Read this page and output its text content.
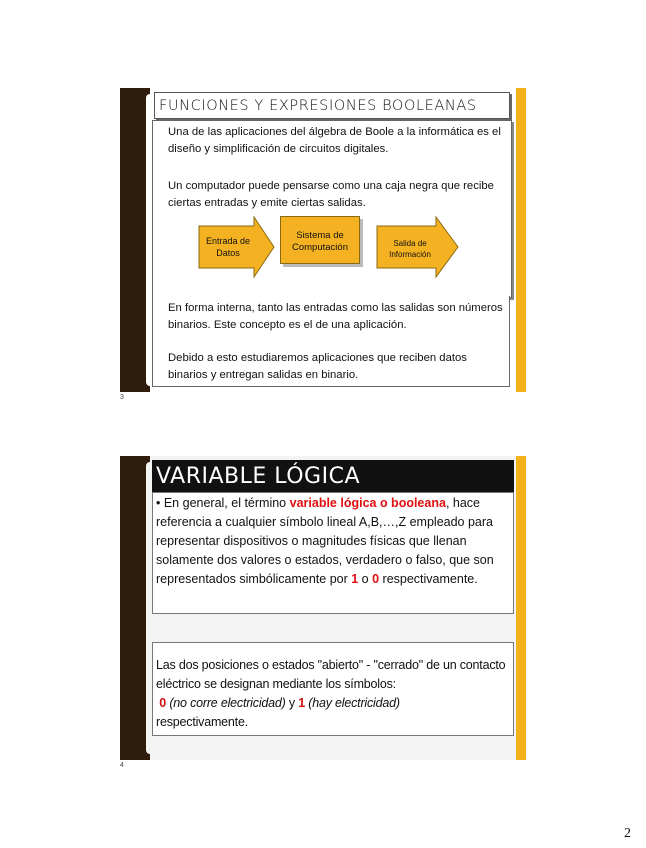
FUNCIONES Y EXPRESIONES BOOLEANAS
Una de las aplicaciones del álgebra de Boole a la informática es el diseño y simplificación de circuitos digitales.
Un computador puede pensarse como una caja negra que recibe ciertas entradas y emite ciertas salidas.
Entrada de Datos
Sistema de Computación	Salida de Información
En forma interna, tanto las entradas como las salidas son números binarios. Este concepto es el de una aplicación.
Debido a esto estudiaremos aplicaciones que reciben datos binarios y entregan salidas en binario.
3
VARIABLE LÓGICA
• En general, el término variable lógica o booleana, hace referencia a cualquier símbolo lineal A,B,…,Z empleado para representar dispositivos o magnitudes físicas que llenan solamente dos valores o estados, verdadero o falso, que son representados simbólicamente por 1 o 0 respectivamente.
Las dos posiciones o estados "abierto" - "cerrado" de un contacto eléctrico se designan mediante los símbolos:
0 (no corre electricidad) y 1 (hay electricidad)
respectivamente.
4
2
